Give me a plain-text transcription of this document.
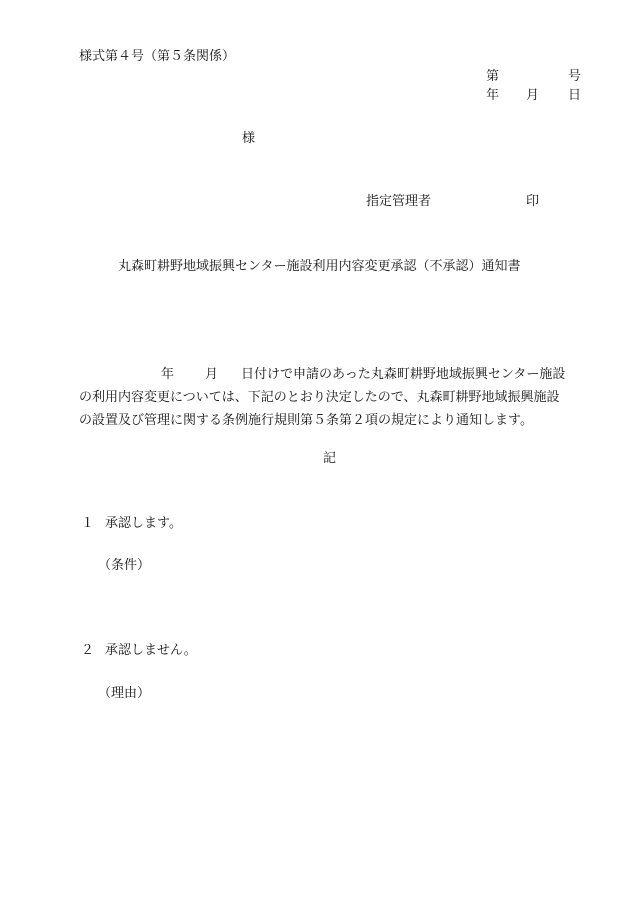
様式第４号（第５条関係）
第	号
年 月 日
様
指定管理者	印
丸森町耕野地域振興センター施設利用内容変更承認（不承認）通知書
年 月 日付けで申請のあった丸森町耕野地域振興センター施設
の利用内容変更については、下記のとおり決定したので、丸森町耕野地域振興施設
の設置及び管理に関する条例施行規則第５条第２項の規定により通知します。
記
１ 承認します。
（条件）
２ 承認しません。
（理由）
